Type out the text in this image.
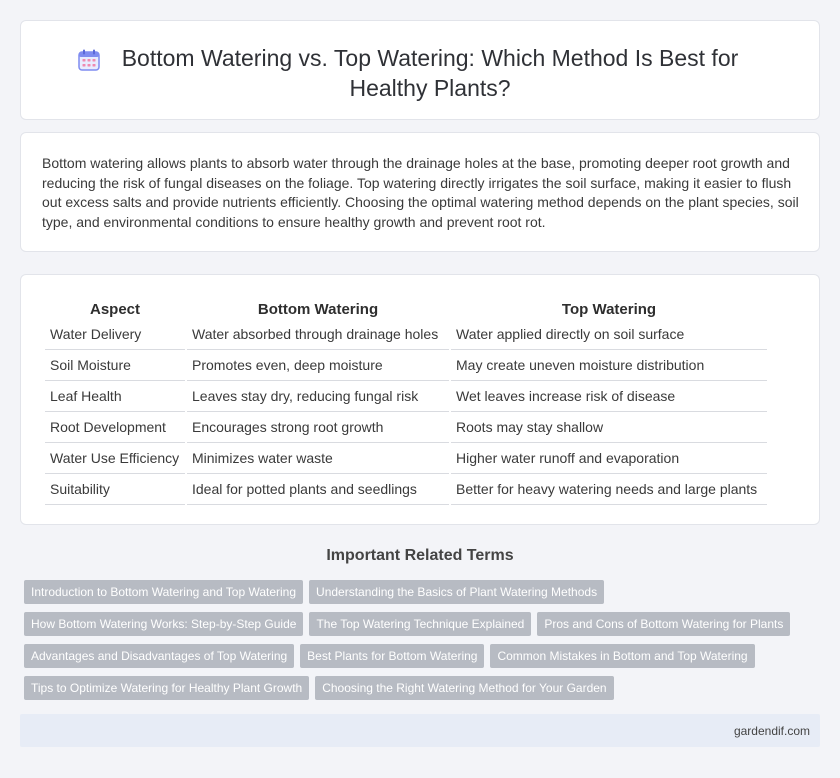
Bottom Watering vs. Top Watering: Which Method Is Best for Healthy Plants?

Bottom watering allows plants to absorb water through the drainage holes at the base, promoting deeper root growth and reducing the risk of fungal diseases on the foliage. Top watering directly irrigates the soil surface, making it easier to flush out excess salts and provide nutrients efficiently. Choosing the optimal watering method depends on the plant species, soil type, and environmental conditions to ensure healthy growth and prevent root rot.

Aspect	Bottom Watering	Top Watering
Water Delivery	Water absorbed through drainage holes	Water applied directly on soil surface
Soil Moisture	Promotes even, deep moisture	May create uneven moisture distribution
Leaf Health	Leaves stay dry, reducing fungal risk	Wet leaves increase risk of disease
Root Development	Encourages strong root growth	Roots may stay shallow
Water Use Efficiency	Minimizes water waste	Higher water runoff and evaporation
Suitability	Ideal for potted plants and seedlings	Better for heavy watering needs and large plants
Important Related Terms
Introduction to Bottom Watering and Top Watering Understanding the Basics of Plant Watering Methods
How Bottom Watering Works: Step-by-Step Guide The Top Watering Technique Explained Pros and Cons of Bottom Watering for Plants
Advantages and Disadvantages of Top Watering Best Plants for Bottom Watering Common Mistakes in Bottom and Top Watering
Tips to Optimize Watering for Healthy Plant Growth Choosing the Right Watering Method for Your Garden
gardendif.com
